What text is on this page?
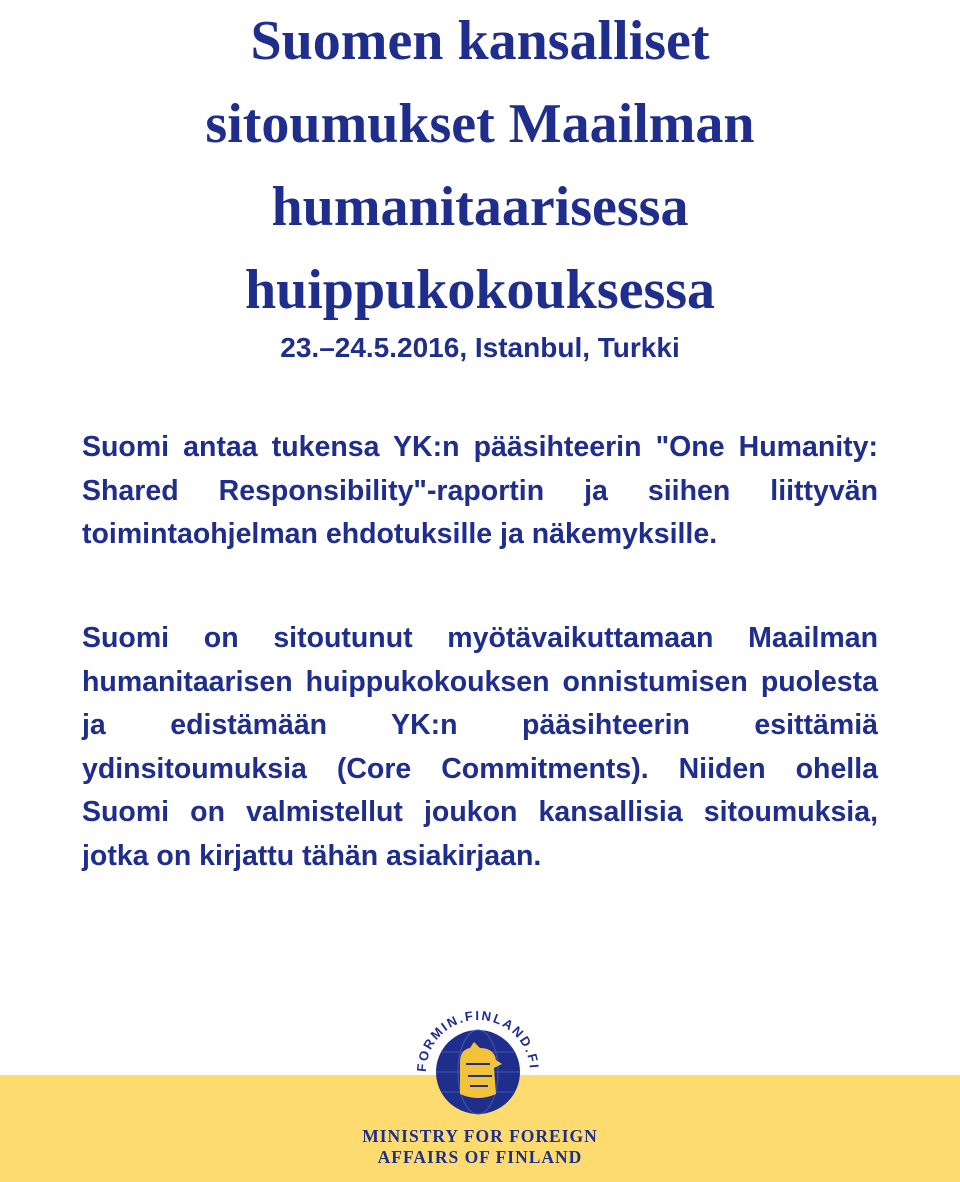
Suomen kansalliset
sitoumukset Maailman
humanitaarisessa
huippukokouksessa
23.–24.5.2016, Istanbul, Turkki

Suomi antaa tukensa YK:n pääsihteerin "One Humanity: Shared Responsibility"-raportin ja siihen liittyvän toimintaohjelman ehdotuksille ja näkemyksille.

Suomi on sitoutunut myötävaikuttamaan Maailman humanitaarisen huippukokouksen onnistumisen puolesta ja edistämään YK:n pääsihteerin esittämiä ydinsitoumuksia (Core Commitments). Niiden ohella Suomi on valmistellut joukon kansallisia sitoumuksia, jotka on kirjattu tähän asiakirjaan.

FORMIN.FINLAND.FI
MINISTRY FOR FOREIGN
AFFAIRS OF FINLAND
